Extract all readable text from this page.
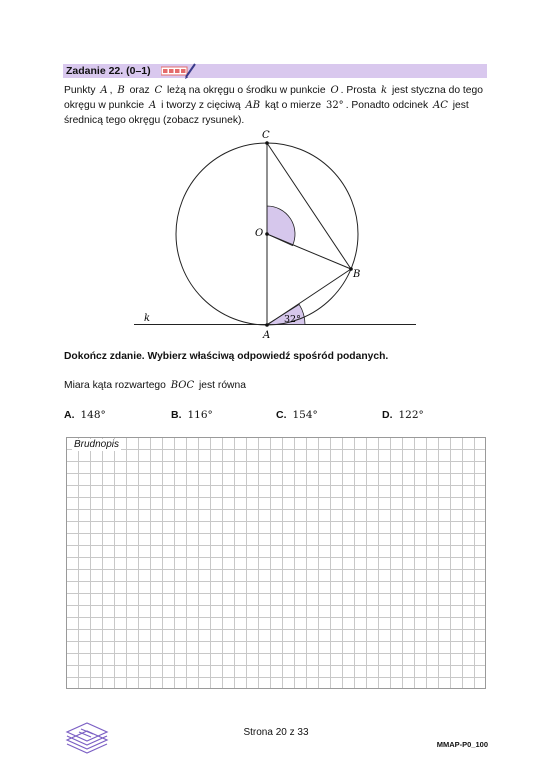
Zadanie 22. (0–1)
Punkty A , B oraz C leżą na okręgu o środku w punkcie O . Prosta k jest styczna do tego okręgu w punkcie A i tworzy z cięciwą AB kąt o mierze 32° . Ponadto odcinek AC jest średnicą tego okręgu (zobacz rysunek).
C
O
B
A
k	32°
Dokończ zdanie. Wybierz właściwą odpowiedź spośród podanych.
Miara kąta rozwartego BOC jest równa
A. 148°	B. 116°	C. 154°	D. 122°
Brudnopis
Strona 20 z 33
MMAP-P0_100
